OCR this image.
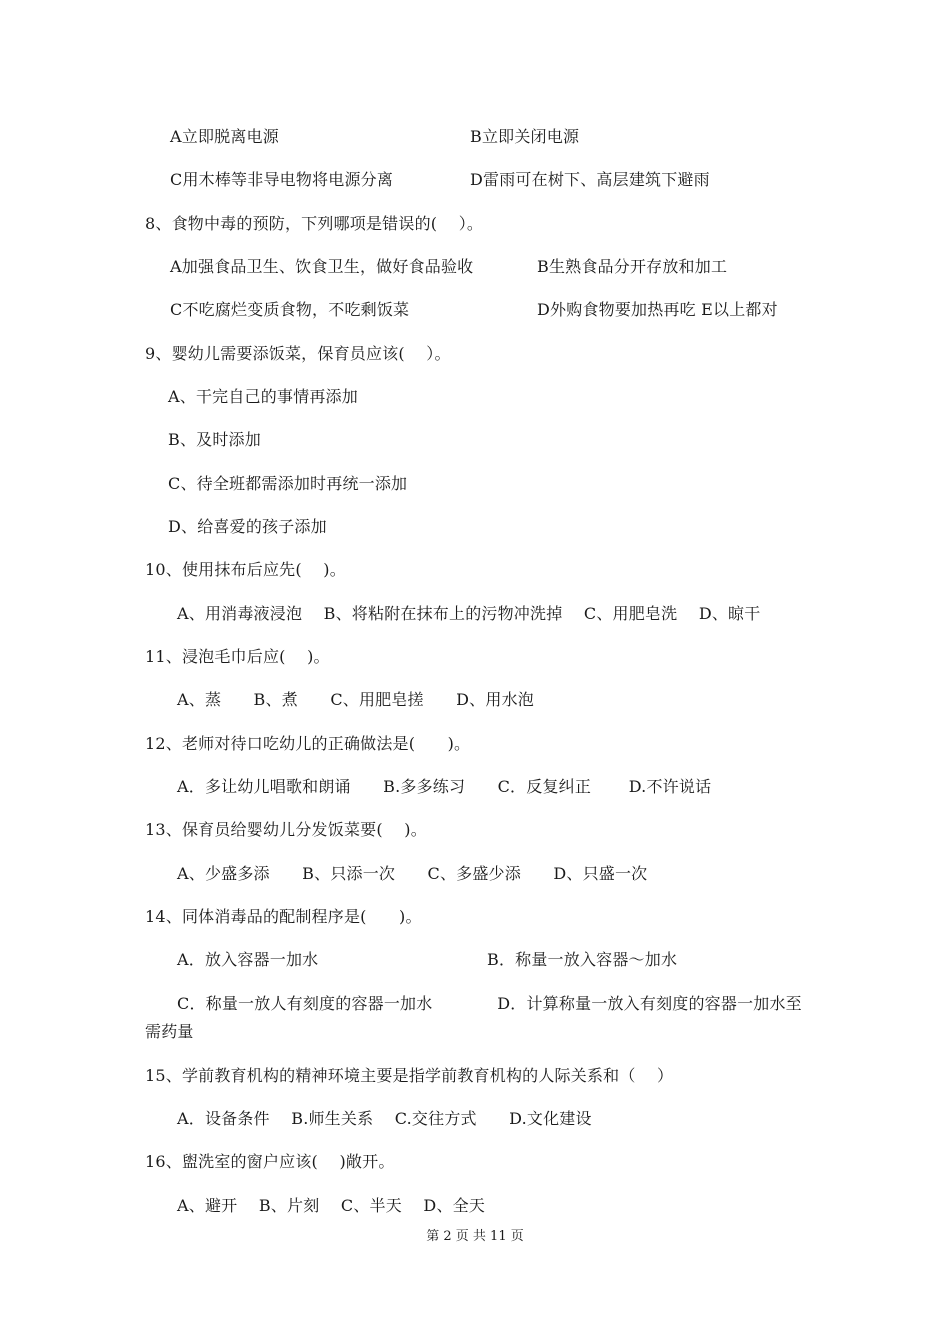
A立即脱离电源	B立即关闭电源
C用木棒等非导电物将电源分离	D雷雨可在树下、高层建筑下避雨
8、食物中毒的预防，下列哪项是错误的(　 ）。
A加强食品卫生、饮食卫生，做好食品验收	B生熟食品分开存放和加工
C不吃腐烂变质食物，不吃剩饭菜	D外购食物要加热再吃 E以上都对
9、婴幼儿需要添饭菜，保育员应该(　 ）。
A、干完自己的事情再添加
B、及时添加
C、待全班都需添加时再统一添加
D、给喜爱的孩子添加
10、使用抹布后应先(　 )。
A、用消毒液浸泡　 B、将粘附在抹布上的污物冲洗掉　 C、用肥皂洗　 D、晾干
11、浸泡毛巾后应(　 )。
A、蒸　　B、煮　　C、用肥皂搓　　D、用水泡
12、老师对待口吃幼儿的正确做法是(　　)。
A．多让幼儿唱歌和朗诵　　B.多多练习　　C．反复纠正　　 D.不许说话
13、保育员给婴幼儿分发饭菜要(　 )。
A、少盛多添　　B、只添一次　　C、多盛少添　　D、只盛一次
14、同体消毒品的配制程序是(　　)。
A．放入容器一加水	B．称量一放入容器～加水
C．称量一放人有刻度的容器一加水　　　　D．计算称量一放入有刻度的容器一加水至
需药量
15、学前教育机构的精神环境主要是指学前教育机构的人际关系和（　 ）
A．设备条件　 B.师生关系　 C.交往方式　　D.文化建设
16、盥洗室的窗户应该(　 )敞开。
A、避开　 B、片刻　 C、半天　 D、全天
第 2 页 共 11 页
